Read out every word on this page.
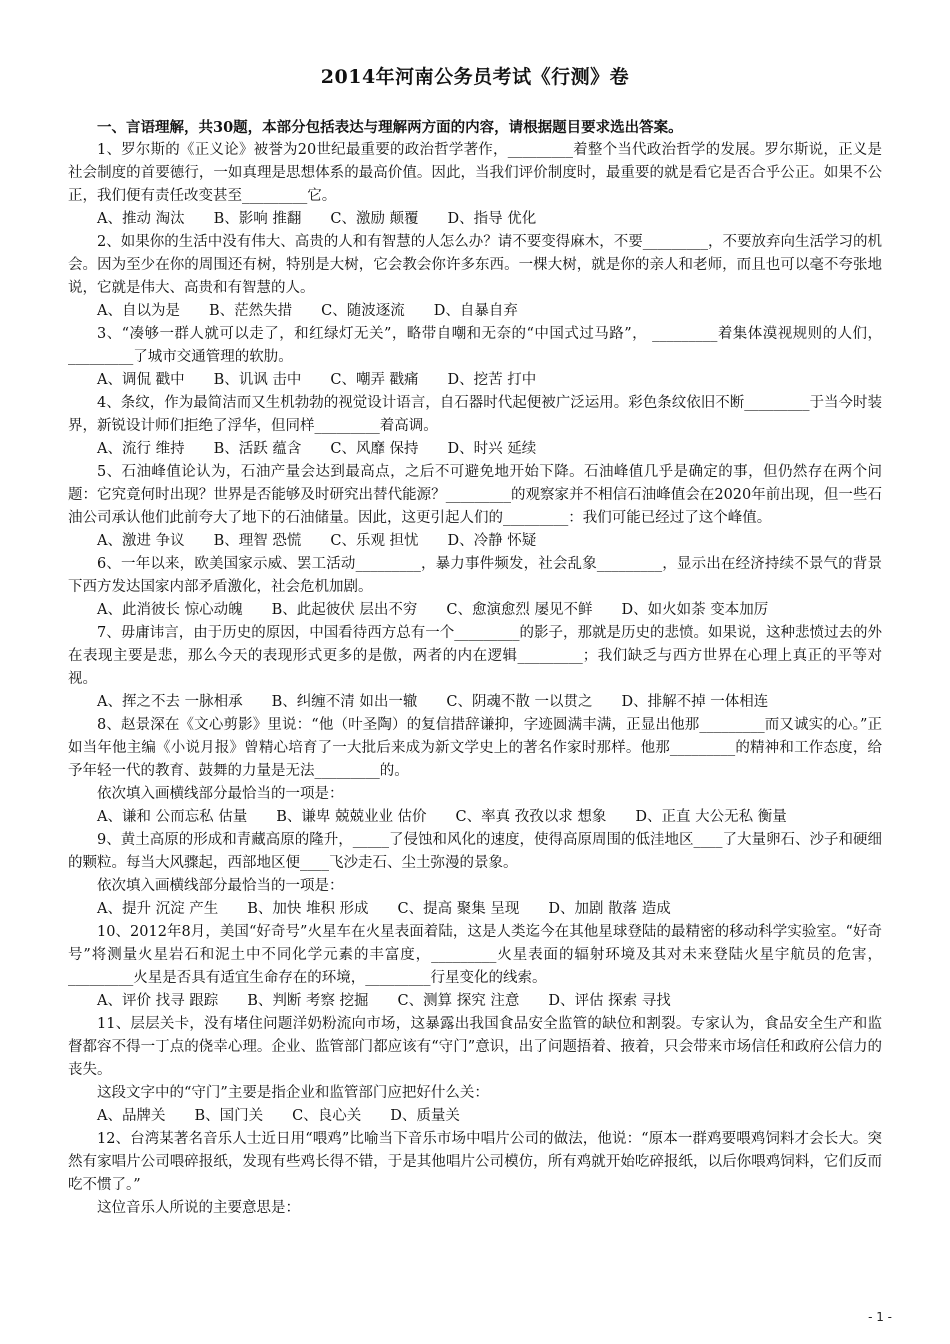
2014年河南公务员考试《行测》卷
一、言语理解，共30题，本部分包括表达与理解两方面的内容，请根据题目要求选出答案。

1、罗尔斯的《正义论》被誉为20世纪最重要的政治哲学著作，_________着整个当代政治哲学的发展。罗尔斯说，正义是社会制度的首要德行，一如真理是思想体系的最高价值。因此，当我们评价制度时，最重要的就是看它是否合乎公正。如果不公正，我们便有责任改变甚至_________它。

A、推动 淘汰　　B、影响 推翻　　C、激励 颠覆　　D、指导 优化

2、如果你的生活中没有伟大、高贵的人和有智慧的人怎么办？请不要变得麻木，不要_________，不要放弃向生活学习的机会。因为至少在你的周围还有树，特别是大树，它会教会你许多东西。一棵大树，就是你的亲人和老师，而且也可以毫不夸张地说，它就是伟大、高贵和有智慧的人。

A、自以为是　　B、茫然失措　　C、随波逐流　　D、自暴自弃

3、“凑够一群人就可以走了，和红绿灯无关”，略带自嘲和无奈的“中国式过马路”， _________着集体漠视规则的人们，_________了城市交通管理的软肋。

A、调侃 戳中　　B、讥讽 击中　　C、嘲弄 戳痛　　D、挖苦 打中

4、条纹，作为最简洁而又生机勃勃的视觉设计语言，自石器时代起便被广泛运用。彩色条纹依旧不断_________于当今时装界，新锐设计师们拒绝了浮华，但同样_________着高调。

A、流行 维持　　B、活跃 蕴含　　C、风靡 保持　　D、时兴 延续

5、石油峰值论认为，石油产量会达到最高点，之后不可避免地开始下降。石油峰值几乎是确定的事，但仍然存在两个问题：它究竟何时出现？世界是否能够及时研究出替代能源？_________的观察家并不相信石油峰值会在2020年前出现，但一些石油公司承认他们此前夸大了地下的石油储量。因此，这更引起人们的_________：我们可能已经过了这个峰值。

A、激进 争议　　B、理智 恐慌　　C、乐观 担忧　　D、冷静 怀疑

6、一年以来，欧美国家示威、罢工活动_________，暴力事件频发，社会乱象_________，显示出在经济持续不景气的背景下西方发达国家内部矛盾激化，社会危机加剧。

A、此消彼长 惊心动魄　　B、此起彼伏 层出不穷　　C、愈演愈烈 屡见不鲜　　D、如火如荼 变本加厉

7、毋庸讳言，由于历史的原因，中国看待西方总有一个_________的影子，那就是历史的悲愤。如果说，这种悲愤过去的外在表现主要是悲，那么今天的表现形式更多的是傲，两者的内在逻辑_________；我们缺乏与西方世界在心理上真正的平等对视。

A、挥之不去 一脉相承　　B、纠缠不清 如出一辙　　C、阴魂不散 一以贯之　　D、排解不掉 一体相连

8、赵景深在《文心剪影》里说：“他（叶圣陶）的复信措辞谦抑，字迹圆满丰满，正显出他那_________而又诚实的心。”正如当年他主编《小说月报》曾精心培育了一大批后来成为新文学史上的著名作家时那样。他那_________的精神和工作态度，给予年轻一代的教育、鼓舞的力量是无法_________的。

依次填入画横线部分最恰当的一项是：

A、谦和 公而忘私 估量　　B、谦卑 兢兢业业 估价　　C、率真 孜孜以求 想象　　D、正直 大公无私 衡量

9、黄土高原的形成和青藏高原的隆升，_____了侵蚀和风化的速度，使得高原周围的低洼地区____了大量卵石、沙子和硬细的颗粒。每当大风骤起，西部地区便____飞沙走石、尘土弥漫的景象。

依次填入画横线部分最恰当的一项是：

A、提升 沉淀 产生　　B、加快 堆积 形成　　C、提高 聚集 呈现　　D、加剧 散落 造成

10、2012年8月，美国“好奇号”火星车在火星表面着陆，这是人类迄今在其他星球登陆的最精密的移动科学实验室。“好奇号”将测量火星岩石和泥土中不同化学元素的丰富度，_________火星表面的辐射环境及其对未来登陆火星宇航员的危害，_________火星是否具有适宜生命存在的环境，_________行星变化的线索。

A、评价 找寻 跟踪　　B、判断 考察 挖掘　　C、测算 探究 注意　　D、评估 探索 寻找

11、层层关卡，没有堵住问题洋奶粉流向市场，这暴露出我国食品安全监管的缺位和割裂。专家认为，食品安全生产和监督都容不得一丁点的侥幸心理。企业、监管部门都应该有“守门”意识，出了问题捂着、掖着，只会带来市场信任和政府公信力的丧失。

这段文字中的“守门”主要是指企业和监管部门应把好什么关：

A、品牌关　　B、国门关　　C、良心关　　D、质量关

12、台湾某著名音乐人士近日用“喂鸡”比喻当下音乐市场中唱片公司的做法，他说：“原本一群鸡要喂鸡饲料才会长大。突然有家唱片公司喂碎报纸，发现有些鸡长得不错，于是其他唱片公司模仿，所有鸡就开始吃碎报纸，以后你喂鸡饲料，它们反而吃不惯了。”

这位音乐人所说的主要意思是：

- 1 -
